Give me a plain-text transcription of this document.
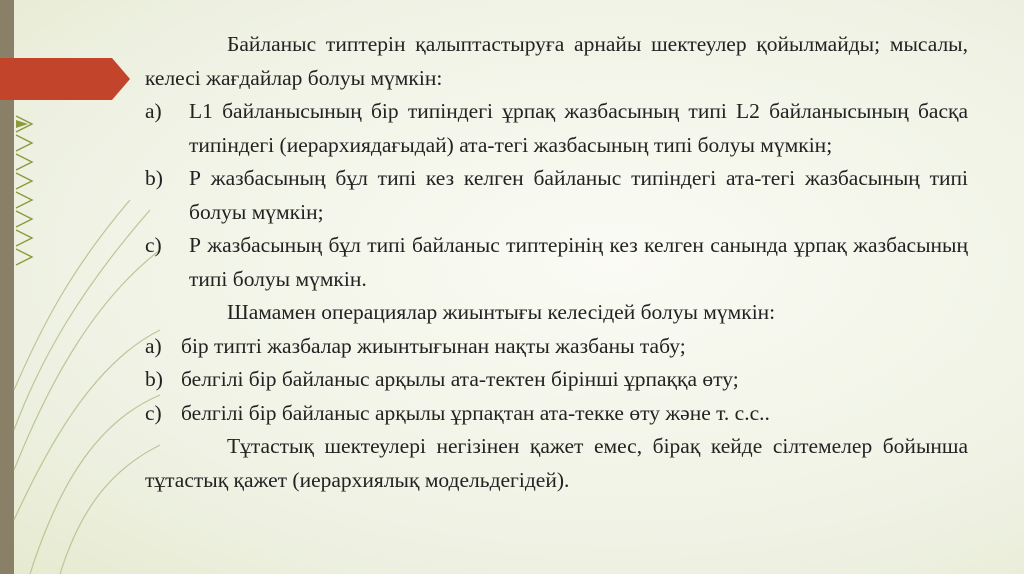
Байланыс типтерін қалыптастыруға арнайы шектеулер қойылмайды; мысалы, келесі жағдайлар болуы мүмкін:

a)	L1 байланысының бір типіндегі ұрпақ жазбасының типі L2 байланысының басқа типіндегі (иерархиядағыдай) ата-тегі жазбасының типі болуы мүмкін;
b)	Р жазбасының бұл типі кез келген байланыс типіндегі ата-тегі жазбасының типі болуы мүмкін;
c)	Р жазбасының бұл типі байланыс типтерінің кез келген санында ұрпақ жазбасының типі болуы мүмкін.

Шамамен операциялар жиынтығы келесідей болуы мүмкін:

a) бір типті жазбалар жиынтығынан нақты жазбаны табу;
b) белгілі бір байланыс арқылы ата-тектен бірінші ұрпаққа өту;
c) белгілі бір байланыс арқылы ұрпақтан ата-текке өту және т. с.с..

Тұтастық шектеулері негізінен қажет емес, бірақ кейде сілтемелер бойынша тұтастық қажет (иерархиялық модельдегідей).
